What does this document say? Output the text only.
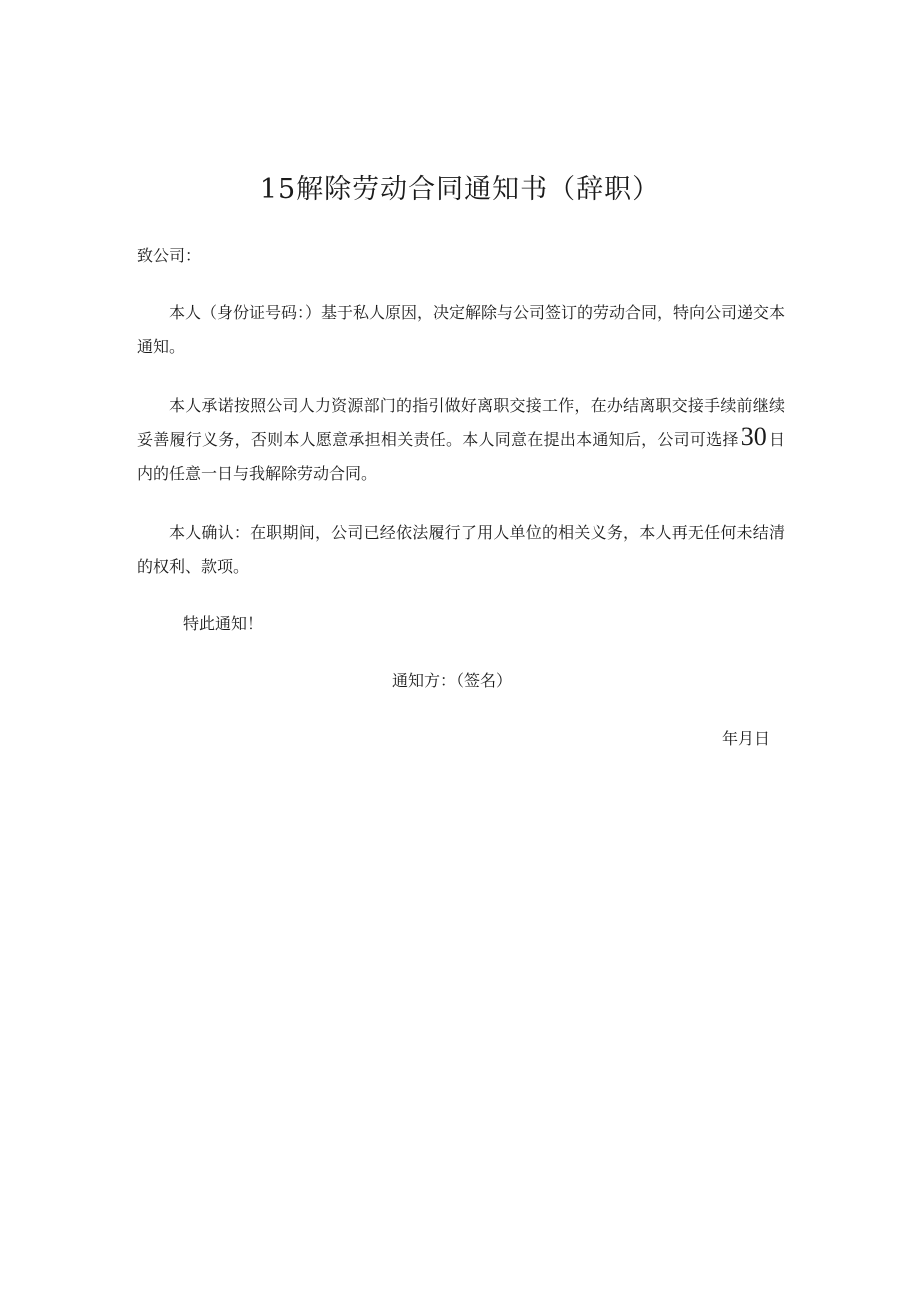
15解除劳动合同通知书（辞职）
致公司：
本人（身份证号码：）基于私人原因，决定解除与公司签订的劳动合同，特向公司递交本通知。
本人承诺按照公司人力资源部门的指引做好离职交接工作，在办结离职交接手续前继续妥善履行义务，否则本人愿意承担相关责任。本人同意在提出本通知后，公司可选择30 日内的任意一日与我解除劳动合同。
本人确认：在职期间，公司已经依法履行了用人单位的相关义务，本人再无任何未结清的权利、款项。
特此通知！
通知方：（签名）
年月日
